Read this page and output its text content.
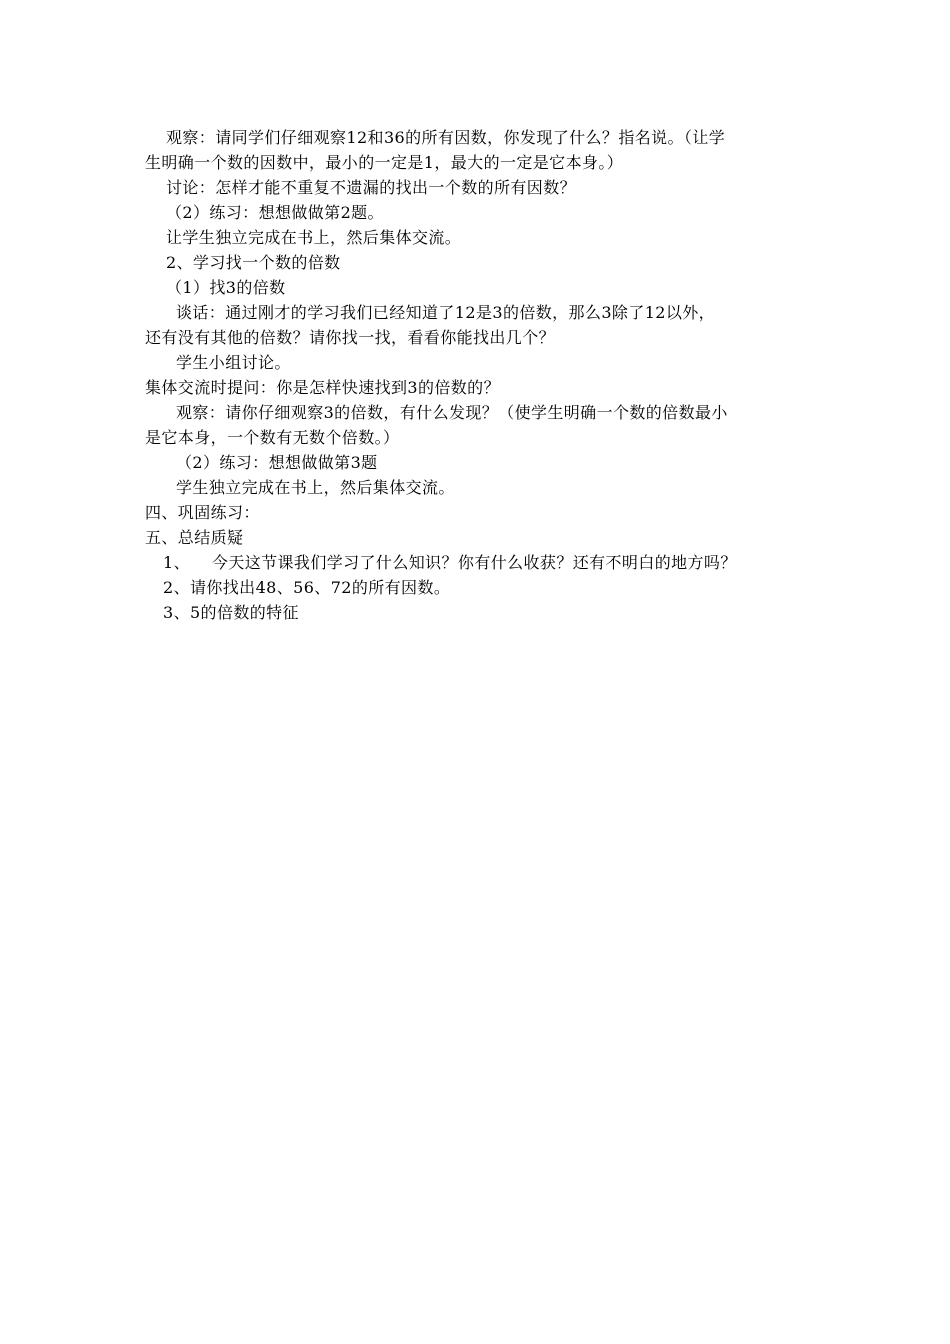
观察：请同学们仔细观察12和36的所有因数，你发现了什么？指名说。（让学
生明确一个数的因数中，最小的一定是1，最大的一定是它本身。）
讨论：怎样才能不重复不遗漏的找出一个数的所有因数？
（2）练习：想想做做第2题。
让学生独立完成在书上，然后集体交流。
2、学习找一个数的倍数
（1）找3的倍数
谈话：通过刚才的学习我们已经知道了12是3的倍数，那么3除了12以外，
还有没有其他的倍数？请你找一找，看看你能找出几个？
学生小组讨论。
集体交流时提问：你是怎样快速找到3的倍数的？
观察：请你仔细观察3的倍数，有什么发现？（使学生明确一个数的倍数最小
是它本身，一个数有无数个倍数。）
（2）练习：想想做做第3题
学生独立完成在书上，然后集体交流。
四、巩固练习：
五、总结质疑
1、    今天这节课我们学习了什么知识？你有什么收获？还有不明白的地方吗？
2、请你找出48、56、72的所有因数。
3、5的倍数的特征
